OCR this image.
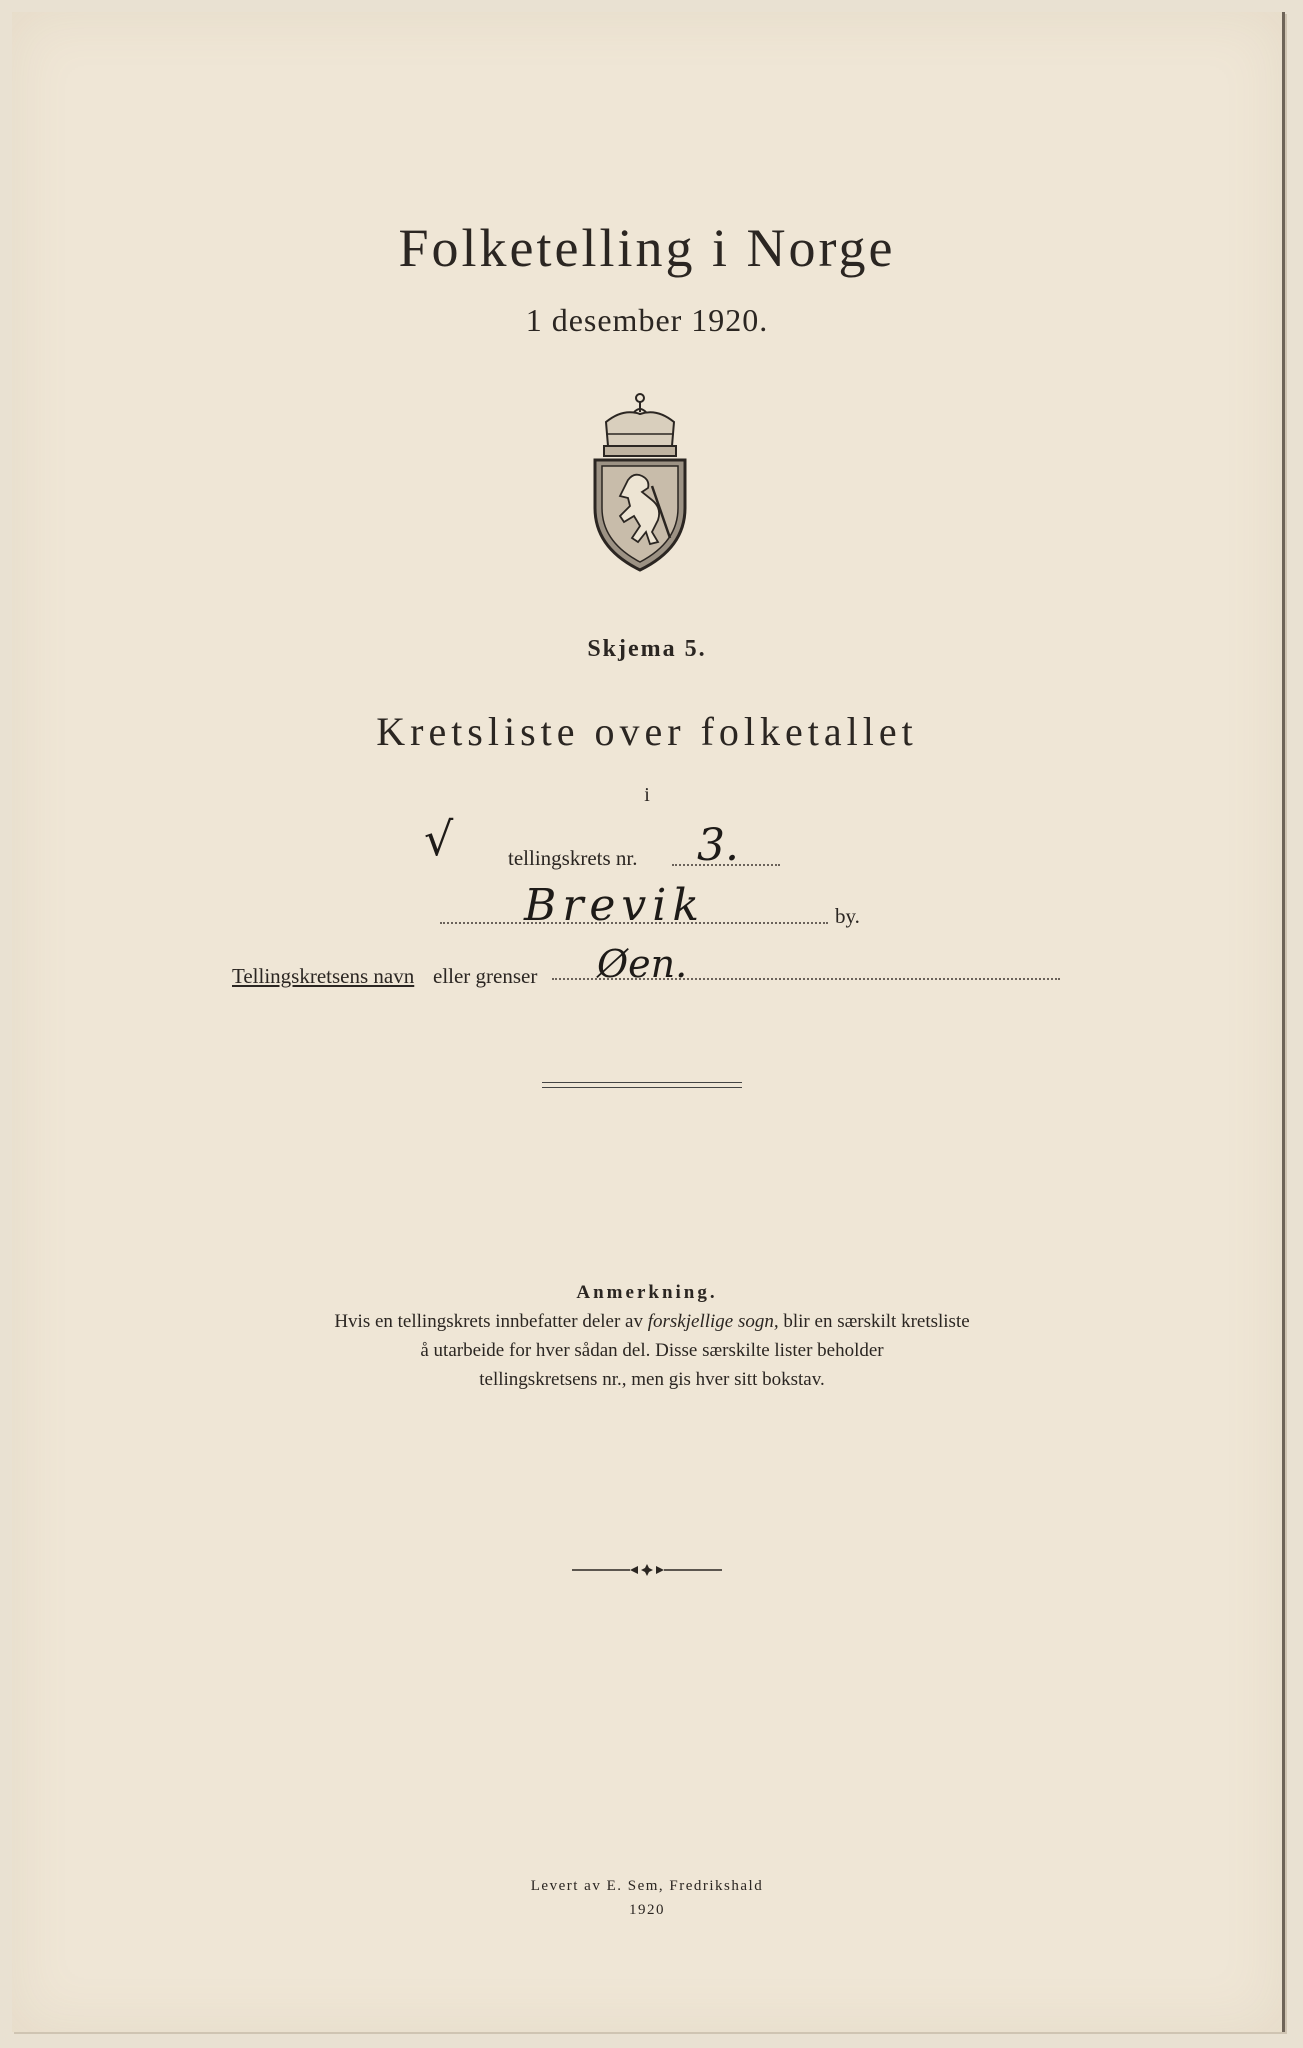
Folketelling i Norge
1 desember 1920.
Skjema 5.
Kretsliste over folketallet
i
√	tellingskrets nr. 3.
Brevik	by.
Tellingskretsens navn eller grenser Øen.
Anmerkning.
Hvis en tellingskrets innbefatter deler av forskjellige sogn, blir en særskilt kretsliste
å utarbeide for hver sådan del. Disse særskilte lister beholder
tellingskretsens nr., men gis hver sitt bokstav.
Levert av E. Sem, Fredrikshald
1920
